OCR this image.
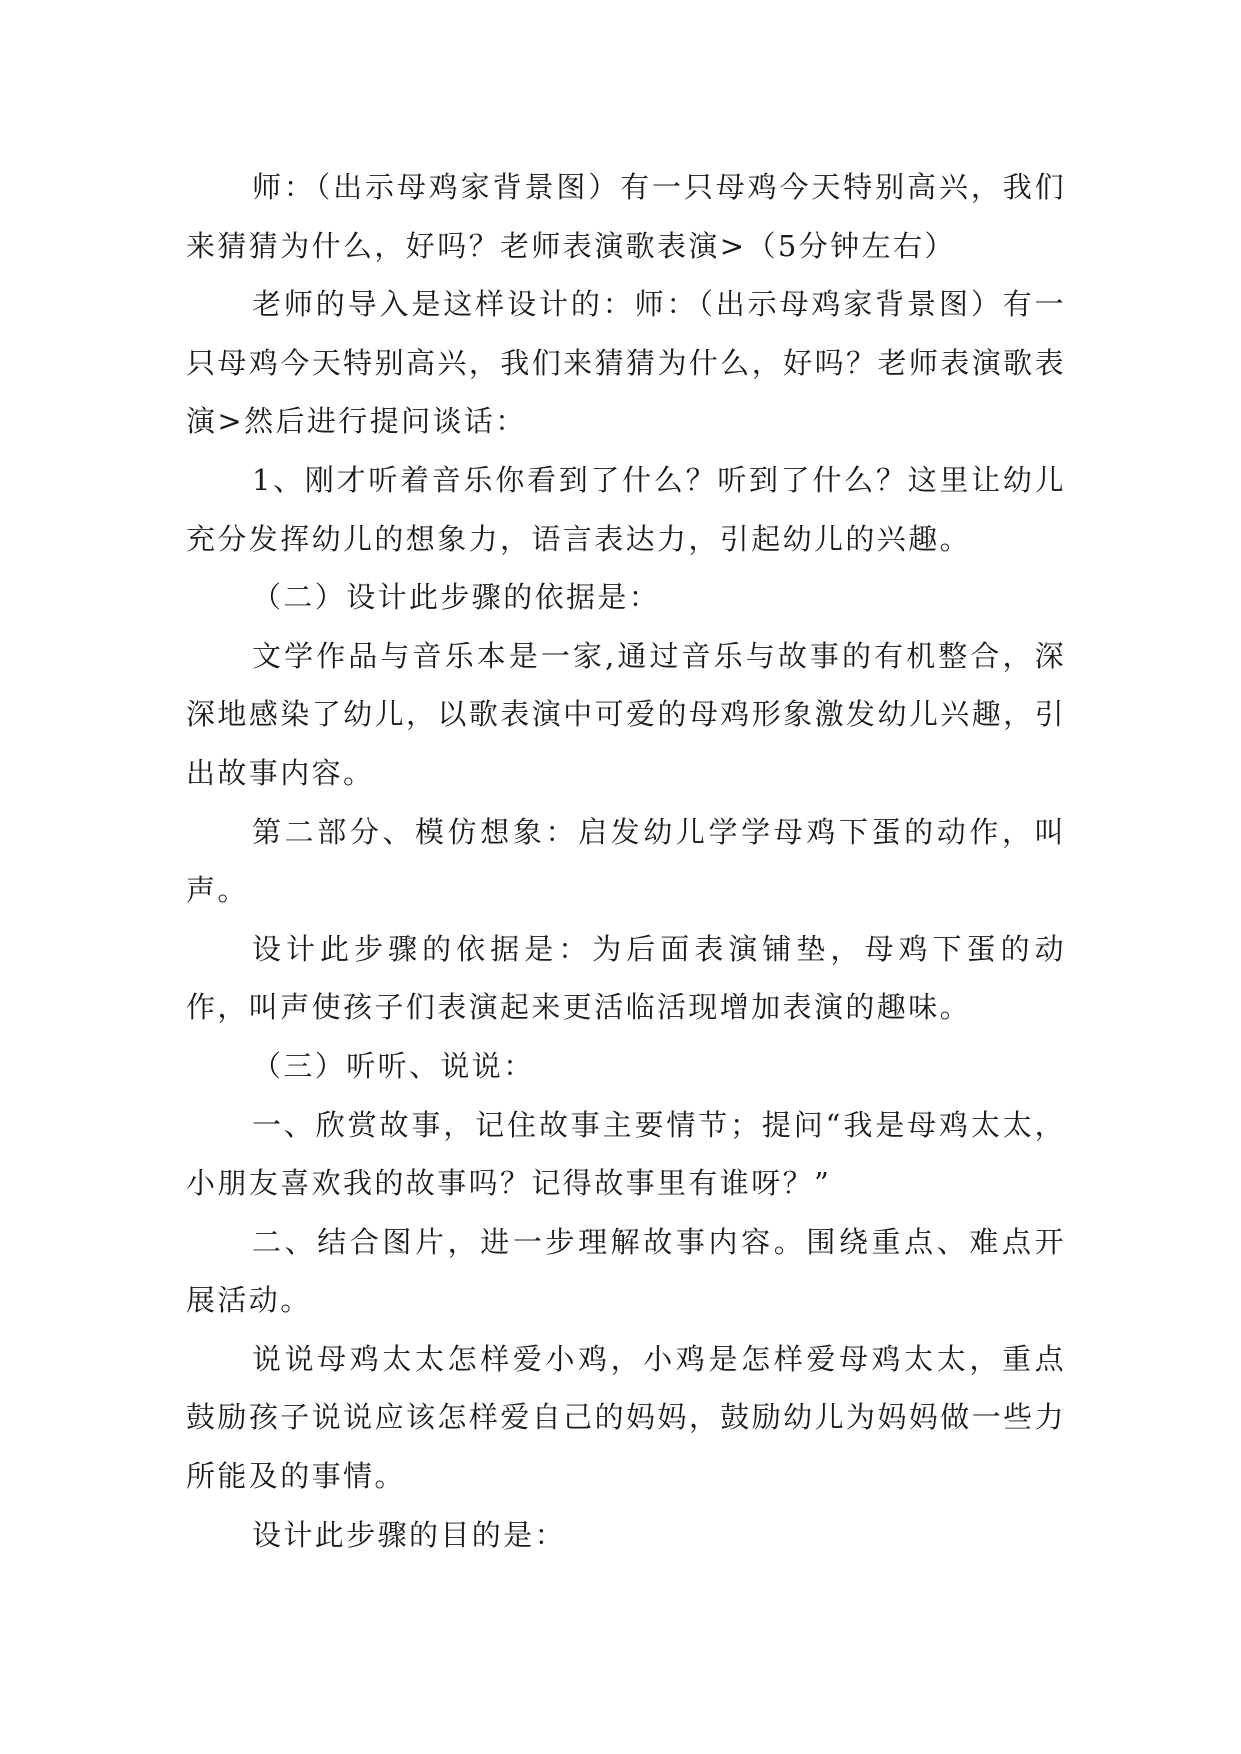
师：（出示母鸡家背景图）有一只母鸡今天特别高兴，我们来猜猜为什么，好吗？老师表演歌表演>（5分钟左右）

老师的导入是这样设计的：师：（出示母鸡家背景图）有一只母鸡今天特别高兴，我们来猜猜为什么，好吗？老师表演歌表演>然后进行提问谈话：

1、刚才听着音乐你看到了什么？听到了什么？这里让幼儿充分发挥幼儿的想象力，语言表达力，引起幼儿的兴趣。

（二）设计此步骤的依据是：

文学作品与音乐本是一家,通过音乐与故事的有机整合，深深地感染了幼儿，以歌表演中可爱的母鸡形象激发幼儿兴趣，引出故事内容。

第二部分、模仿想象：启发幼儿学学母鸡下蛋的动作，叫声。

设计此步骤的依据是：为后面表演铺垫，母鸡下蛋的动作，叫声使孩子们表演起来更活临活现增加表演的趣味。

（三）听听、说说：

一、欣赏故事，记住故事主要情节；提问“我是母鸡太太，小朋友喜欢我的故事吗？记得故事里有谁呀？”

二、结合图片，进一步理解故事内容。围绕重点、难点开展活动。

说说母鸡太太怎样爱小鸡，小鸡是怎样爱母鸡太太，重点鼓励孩子说说应该怎样爱自己的妈妈，鼓励幼儿为妈妈做一些力所能及的事情。

设计此步骤的目的是：
